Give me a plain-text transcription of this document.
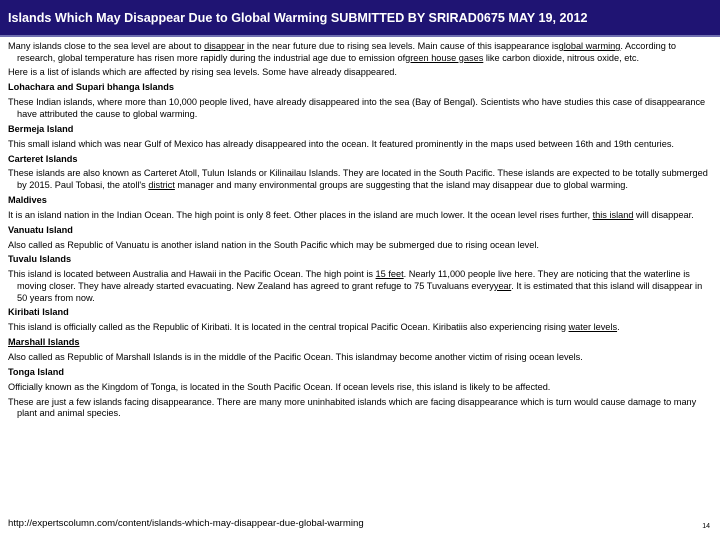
Islands Which May Disappear Due to Global Warming SUBMITTED BY SRIRAD0675 MAY 19, 2012

Many islands close to the sea level are about to disappear in the near future due to rising sea levels. Main cause of this isappearance isglobal warming. According to research, global temperature has risen more rapidly during the industrial age due to emission ofgreen house gases like carbon dioxide, nitrous oxide, etc.

Here is a list of islands which are affected by rising sea levels. Some have already disappeared.

Lohachara and Supari bhanga Islands

These Indian islands, where more than 10,000 people lived, have already disappeared into the sea (Bay of Bengal). Scientists who have studies this case of disappearance have attributed the cause to global warming.

Bermeja Island

This small island which was near Gulf of Mexico has already disappeared into the ocean. It featured prominently in the maps used between 16th and 19th centuries.

Carteret Islands

These islands are also known as Carteret Atoll, Tulun Islands or Kilinailau Islands. They are located in the South Pacific. These islands are expected to be totally submerged by 2015. Paul Tobasi, the atoll's district manager and many environmental groups are suggesting that the island may disappear due to global warming.

Maldives

It is an island nation in the Indian Ocean. The high point is only 8 feet. Other places in the island are much lower. It the ocean level rises further, this island will disappear.

Vanuatu Island

Also called as Republic of Vanuatu is another island nation in the South Pacific which may be submerged due to rising ocean level.

Tuvalu Islands

This island is located between Australia and Hawaii in the Pacific Ocean. The high point is 15 feet. Nearly 11,000 people live here. They are noticing that the waterline is moving closer. They have already started evacuating. New Zealand has agreed to grant refuge to 75 Tuvaluans everyyear. It is estimated that this island will disappear in 50 years from now.

Kiribati Island

This island is officially called as the Republic of Kiribati. It is located in the central tropical Pacific Ocean. Kiribatiis also experiencing rising water levels.

Marshall Islands

Also called as Republic of Marshall Islands is in the middle of the Pacific Ocean. This islandmay become another victim of rising ocean levels.

Tonga Island

Officially known as the Kingdom of Tonga, is located in the South Pacific Ocean. If ocean levels rise, this island is likely to be affected.

These are just a few islands facing disappearance. There are many more uninhabited islands which are facing disappearance which is turn would cause damage to many plant and animal species.

http://expertscolumn.com/content/islands-which-may-disappear-due-global-warming	14
